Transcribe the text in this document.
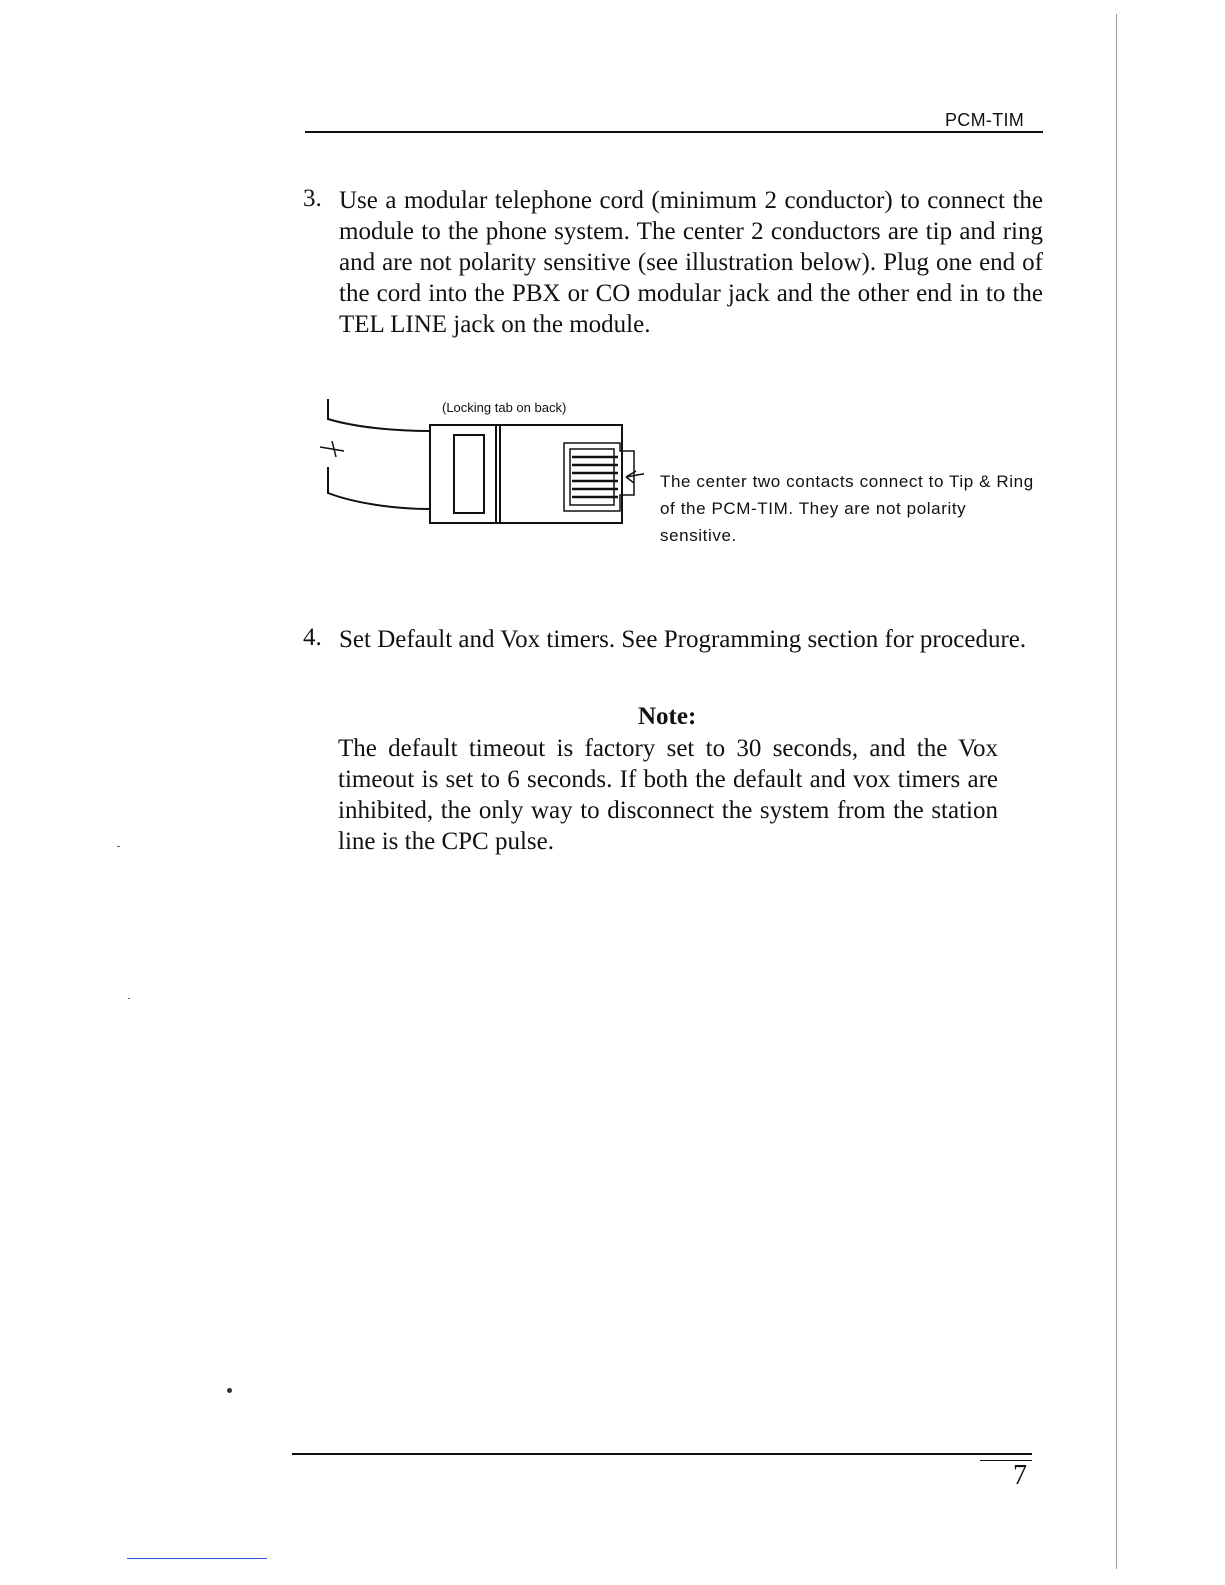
PCM-TIM
3. Use a modular telephone cord (minimum 2 conductor) to connect the module to the phone system. The center 2 conductors are tip and ring and are not polarity sensitive (see illustration below). Plug one end of the cord into the PBX or CO modular jack and the other end in to the TEL LINE jack on the module.
(Locking tab on back)
The center two contacts connect to Tip & Ring of the PCM-TIM. They are not polarity sensitive.
4. Set Default and Vox timers. See Programming section for procedure.
Note:
The default timeout is factory set to 30 seconds, and the Vox timeout is set to 6 seconds. If both the default and vox timers are inhibited, the only way to disconnect the system from the station line is the CPC pulse.
7
